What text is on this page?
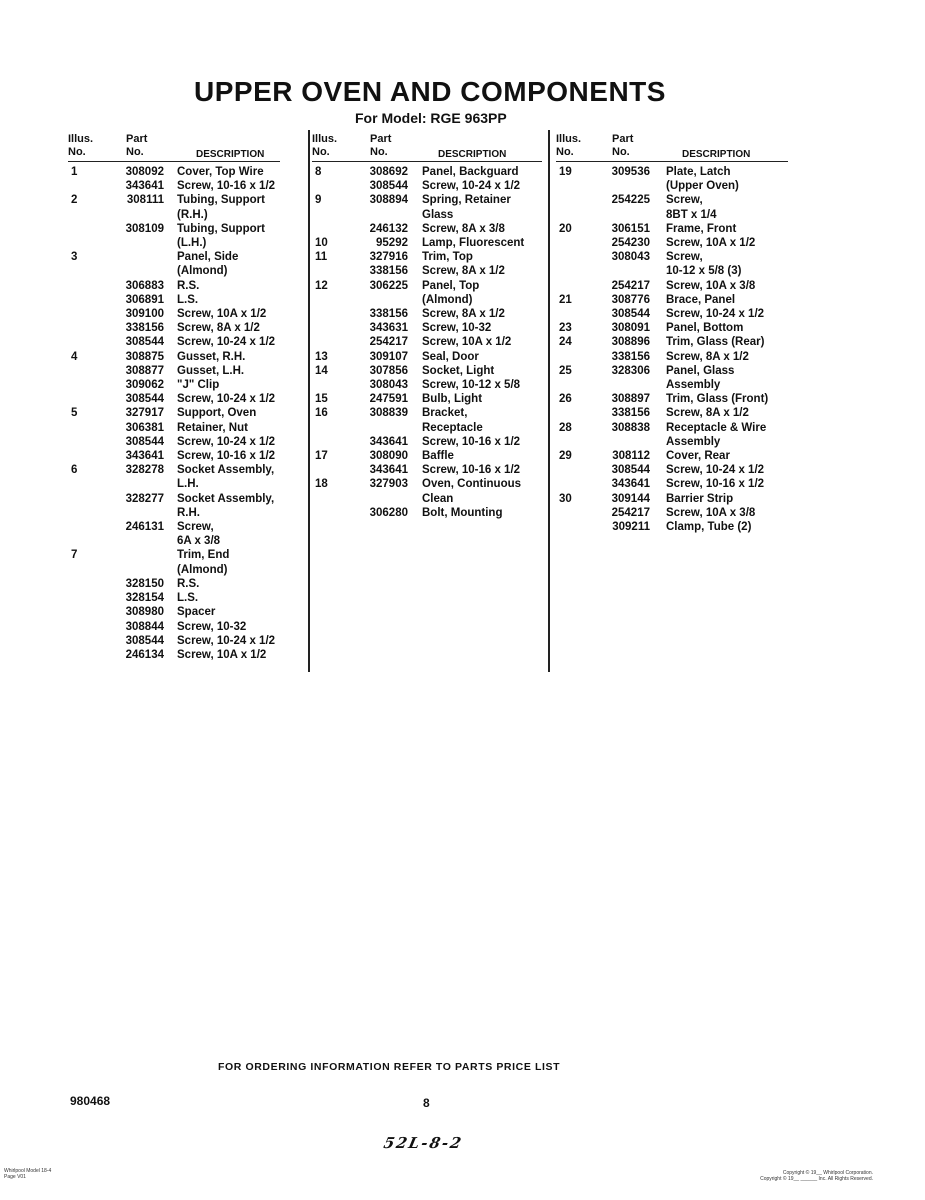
UPPER OVEN AND COMPONENTS
For Model: RGE 963PP
Illus.
No.
Part
No.	DESCRIPTION
1	308092 Cover, Top Wire
343641 Screw, 10-16 x 1/2
2	308111 Tubing, Support
(R.H.)
308109 Tubing, Support
(L.H.)
3	Panel, Side
(Almond)
306883 R.S.
306891 L.S.
309100 Screw, 10A x 1/2
338156 Screw, 8A x 1/2
308544 Screw, 10-24 x 1/2
4	308875 Gusset, R.H.
308877 Gusset, L.H.
309062 "J" Clip
308544 Screw, 10-24 x 1/2
5	327917 Support, Oven
306381 Retainer, Nut
308544 Screw, 10-24 x 1/2
343641 Screw, 10-16 x 1/2
6	328278 Socket Assembly,
L.H.
328277 Socket Assembly,
R.H.
246131 Screw,
6A x 3/8
7	Trim, End
(Almond)
328150 R.S.
328154 L.S.
308980 Spacer
308844 Screw, 10-32
308544 Screw, 10-24 x 1/2
246134 Screw, 10A x 1/2
Illus.
No.
Part
No.	DESCRIPTION
8	308692 Panel, Backguard
308544 Screw, 10-24 x 1/2
9	308894 Spring, Retainer
Glass
246132 Screw, 8A x 3/8
10	95292 Lamp, Fluorescent
11	327916 Trim, Top
338156 Screw, 8A x 1/2
12	306225 Panel, Top
(Almond)
338156 Screw, 8A x 1/2
343631 Screw, 10-32
254217 Screw, 10A x 1/2
13	309107 Seal, Door
14	307856 Socket, Light
308043 Screw, 10-12 x 5/8
15	247591 Bulb, Light
16	308839 Bracket,
Receptacle
343641 Screw, 10-16 x 1/2
17	308090 Baffle
343641 Screw, 10-16 x 1/2
18	327903 Oven, Continuous
Clean
306280 Bolt, Mounting
Illus.
No.
Part
No.	DESCRIPTION
19	309536 Plate, Latch
(Upper Oven)
254225 Screw,
8BT x 1/4
20	306151 Frame, Front
254230 Screw, 10A x 1/2
308043 Screw,
10-12 x 5/8 (3)
254217 Screw, 10A x 3/8
21	308776 Brace, Panel
308544 Screw, 10-24 x 1/2
23	308091 Panel, Bottom
24	308896 Trim, Glass (Rear)
338156 Screw, 8A x 1/2
25	328306 Panel, Glass
Assembly
26	308897 Trim, Glass (Front)
338156 Screw, 8A x 1/2
28	308838 Receptacle & Wire
Assembly
29	308112 Cover, Rear
308544 Screw, 10-24 x 1/2
343641 Screw, 10-16 x 1/2
30	309144 Barrier Strip
254217 Screw, 10A x 3/8
309211 Clamp, Tube (2)
FOR ORDERING INFORMATION REFER TO PARTS PRICE LIST
980468	8
52L-8-2
Whirlpool Model 18-4
Page V01
Copyright © 19__ Whirlpool Corporation.
Copyright © 19__ ______ Inc. All Rights Reserved.
